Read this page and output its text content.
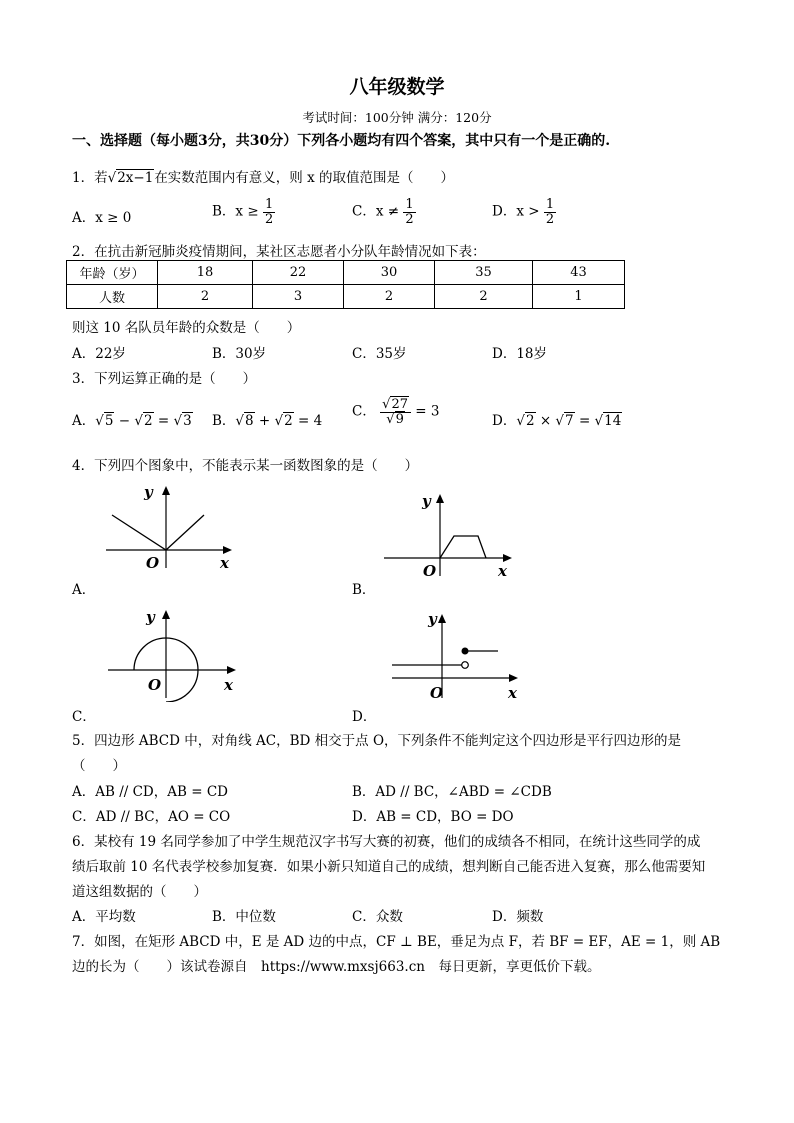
八年级数学
考试时间：100分钟 满分：120分
一、选择题（每小题3分，共30分）下列各小题均有四个答案，其中只有一个是正确的.
1．若√2x−1在实数范围内有意义，则 x 的取值范围是（　　）
A．x ≥ 0	B．$x \ge \frac{1}{2}$	C．$x \ne \frac{1}{2}$	D．$x > \frac{1}{2}$
2．在抗击新冠肺炎疫情期间，某社区志愿者小分队年龄情况如下表：
年龄（岁）	18	22	30	35	43
人数	2	3	2	2	1
则这 10 名队员年龄的众数是（　　）
A．22岁	B．30岁	C．35岁	D．18岁
3．下列运算正确的是（　　）
A．√5 − √2 = √3 B．√8 + √2 = 4
C． $\frac{√27}{√9} = 3$
D．√2 × √7 = √14
4．下列四个图象中，不能表示某一函数图象的是（　　）
y
O	x
A．
y
O	x
B．
y
O	x
C．
y
O	x
D．
5．四边形 ABCD 中，对角线 AC，BD 相交于点 O，下列条件不能判定这个四边形是平行四边形的是
（　　）
A．AB // CD，AB = CD	B．AD // BC，∠ABD = ∠CDB
C．AD // BC，AO = CO	D．AB = CD，BO = DO
6．某校有 19 名同学参加了中学生规范汉字书写大赛的初赛，他们的成绩各不相同，在统计这些同学的成
绩后取前 10 名代表学校参加复赛．如果小新只知道自己的成绩，想判断自己能否进入复赛，那么他需要知
道这组数据的（　　）
A．平均数	B．中位数	C．众数	D．频数
7．如图，在矩形 ABCD 中，E 是 AD 边的中点，CF ⊥ BE，垂足为点 F，若 BF = EF，AE = 1，则 AB
边的长为（　　）该试卷源自　https://www.mxsj663.cn　每日更新，享更低价下载。
